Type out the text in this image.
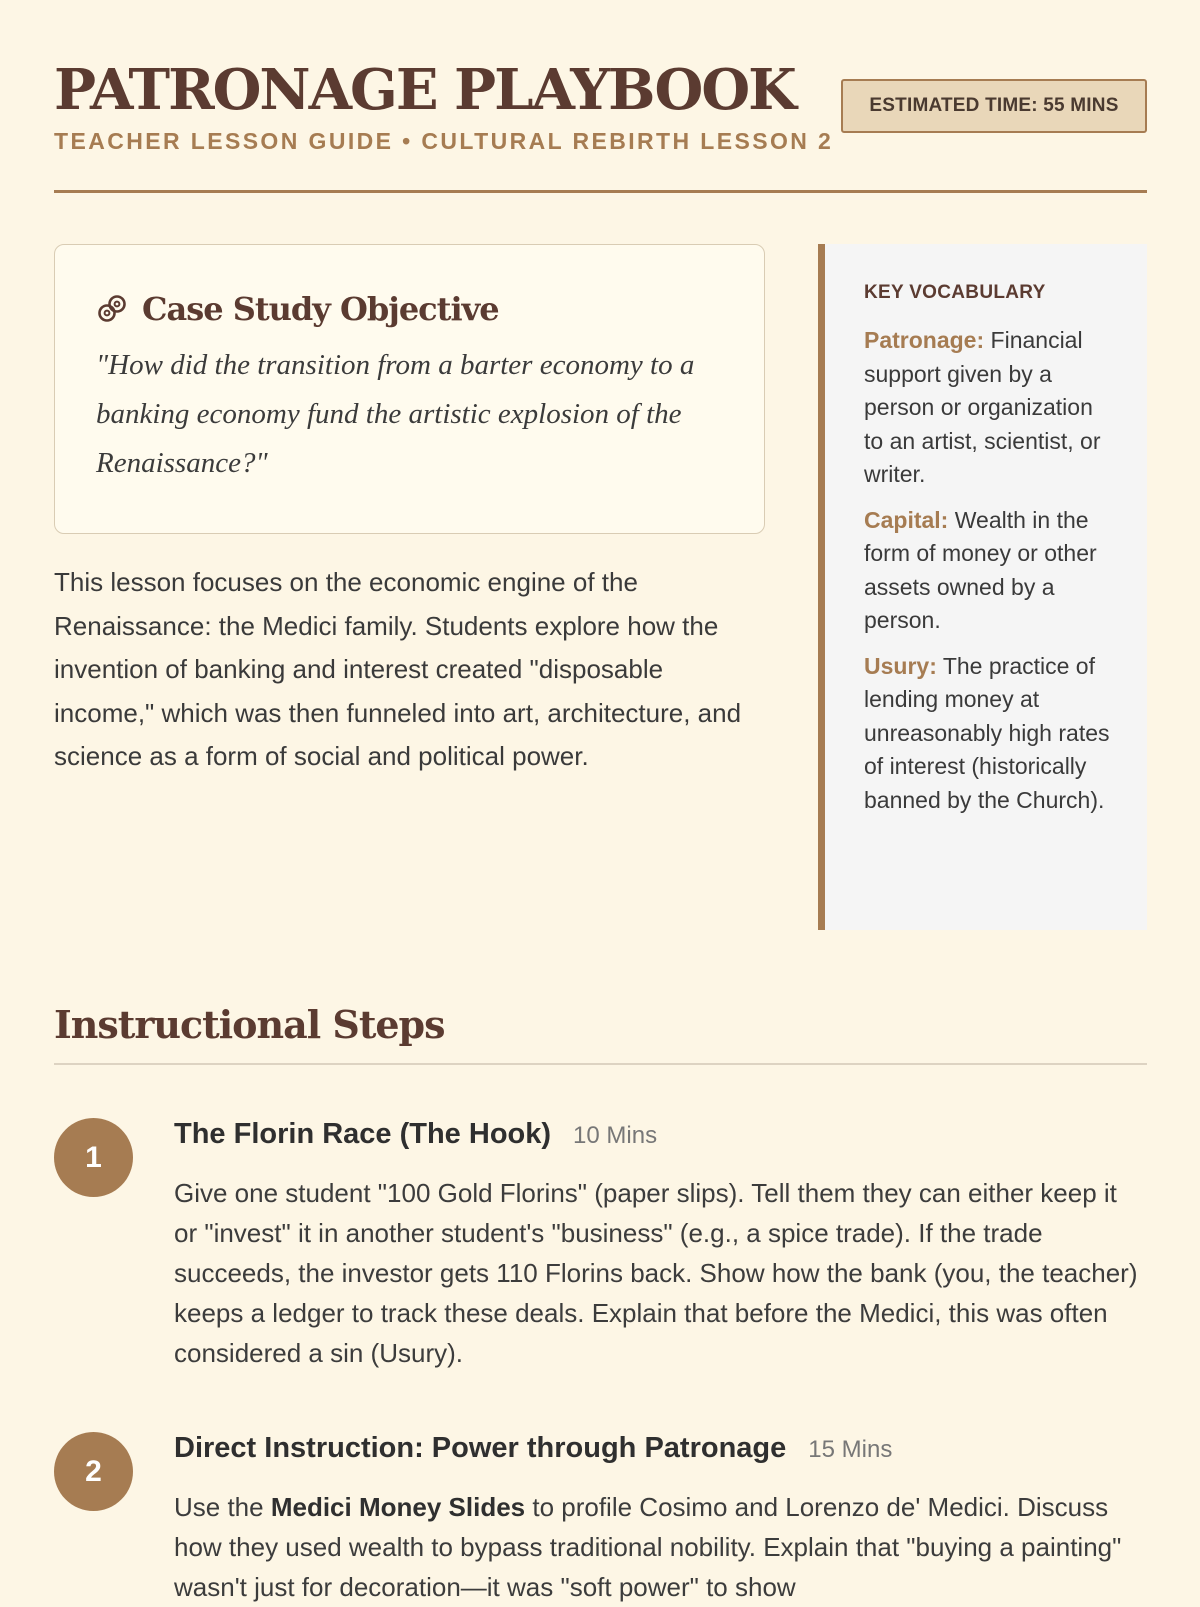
PATRONAGE PLAYBOOK
TEACHER LESSON GUIDE • CULTURAL REBIRTH LESSON 2
ESTIMATED TIME: 55 MINS
Case Study Objective
"How did the transition from a barter economy to a banking economy fund the artistic explosion of the Renaissance?"

This lesson focuses on the economic engine of the Renaissance: the Medici family. Students explore how the invention of banking and interest created "disposable income," which was then funneled into art, architecture, and science as a form of social and political power.

KEY VOCABULARY
Patronage: Financial support given by a person or organization to an artist, scientist, or writer.
Capital: Wealth in the form of money or other assets owned by a person.
Usury: The practice of lending money at unreasonably high rates of interest (historically banned by the Church).
Instructional Steps
1
The Florin Race (The Hook) 10 Mins
Give one student "100 Gold Florins" (paper slips). Tell them they can either keep it or "invest" it in another student's "business" (e.g., a spice trade). If the trade succeeds, the investor gets 110 Florins back. Show how the bank (you, the teacher) keeps a ledger to track these deals. Explain that before the Medici, this was often considered a sin (Usury).
2
Direct Instruction: Power through Patronage 15 Mins
Use the Medici Money Slides to profile Cosimo and Lorenzo de' Medici. Discuss how they used wealth to bypass traditional nobility. Explain that "buying a painting" wasn't just for decoration—it was "soft power" to show
